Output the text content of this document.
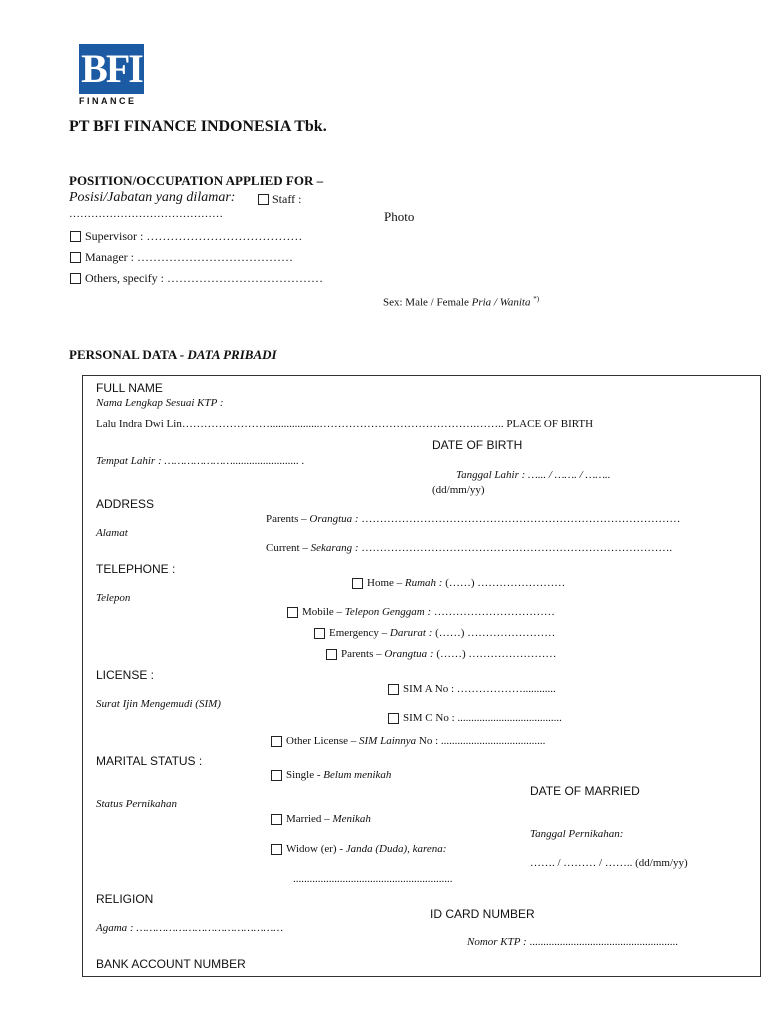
BFI
FINANCE
PT BFI FINANCE INDONESIA Tbk.
POSITION/OCCUPATION APPLIED FOR –
Posisi/Jabatan yang dilamar:	Staff :
……………………………………	Photo
Supervisor : …………………………………
Manager : …………………………………
Others, specify : …………………………………
Sex: Male / Female Pria / Wanita *)
PERSONAL DATA - DATA PRIBADI
FULL NAME
Nama Lengkap Sesuai KTP :
Lalu Indra Dwi Lin……………………..................…………………………………….…….. PLACE OF BIRTH
DATE OF BIRTH
Tempat Lahir : …………………........................ .
Tanggal Lahir : …... / ……. / ……..
(dd/mm/yy)
ADDRESS
Parents – Orangtua : ……………………………………………………………………………
Alamat
Current – Sekarang : ………………………………………………………………………….
TELEPHONE :
Home – Rumah : (……) ……………………
Telepon
Mobile – Telepon Genggam : ……………………………
Emergency – Darurat : (……) ……………………
Parents – Orangtua : (……) ……………………
LICENSE :
SIM A No : ………………............
Surat Ijin Mengemudi (SIM)
SIM C No : ......................................
Other License – SIM Lainnya No : ......................................
MARITAL STATUS :
Single - Belum menikah
DATE OF MARRIED
Status Pernikahan
Married – Menikah
Tanggal Pernikahan:
Widow (er) - Janda (Duda), karena:
……. / ……… / …….. (dd/mm/yy)
..........................................................
RELIGION
ID CARD NUMBER
Agama : ………………………………………
Nomor KTP : ......................................................
BANK ACCOUNT NUMBER
